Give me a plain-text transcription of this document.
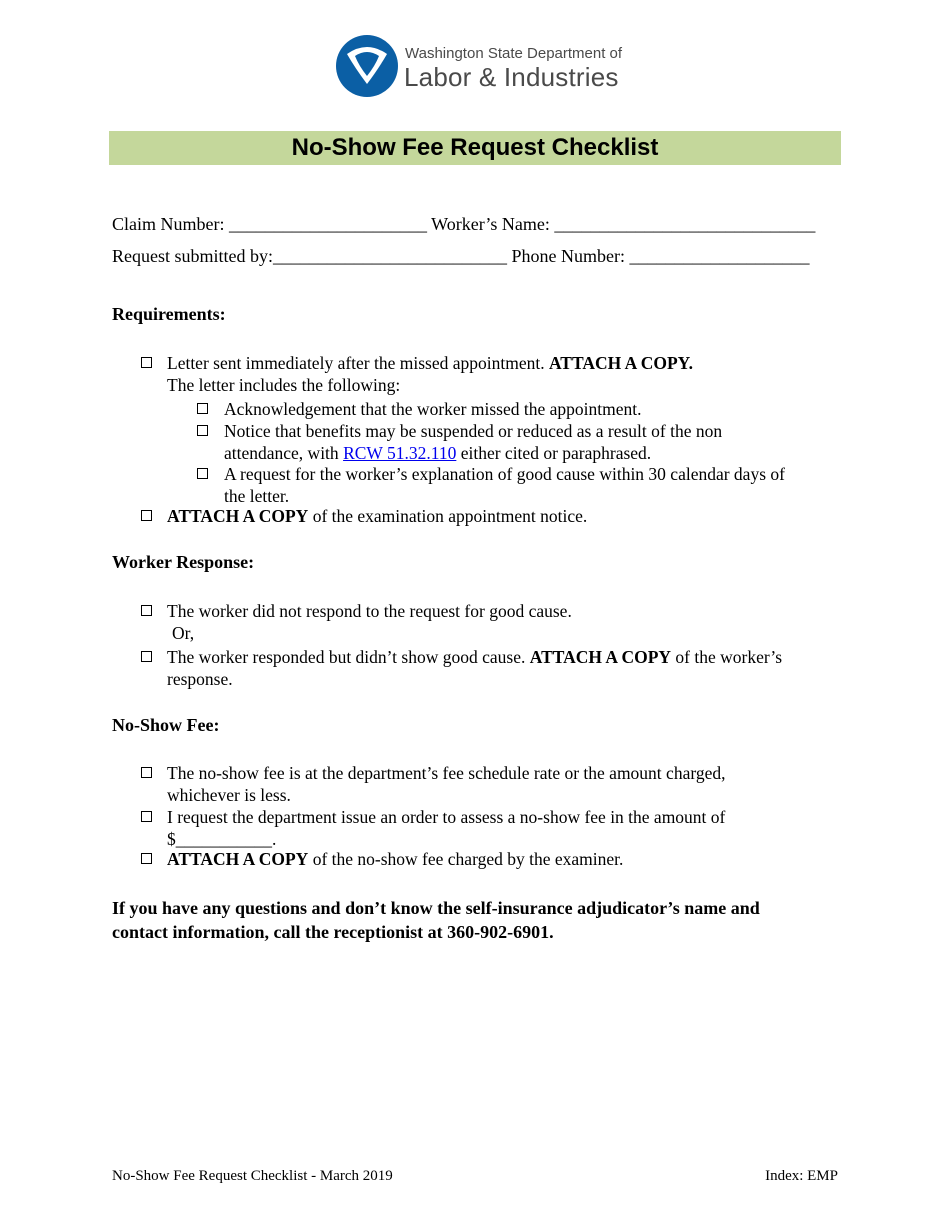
Washington State Department of
Labor & Industries
No-Show Fee Request Checklist
Claim Number: ______________________ Worker’s Name: _____________________________
Request submitted by:__________________________ Phone Number: ____________________
Requirements:
Letter sent immediately after the missed appointment. ATTACH A COPY.
The letter includes the following:
Acknowledgement that the worker missed the appointment.
Notice that benefits may be suspended or reduced as a result of the non
attendance, with RCW 51.32.110 either cited or paraphrased.
A request for the worker’s explanation of good cause within 30 calendar days of
the letter.
ATTACH A COPY of the examination appointment notice.
Worker Response:
The worker did not respond to the request for good cause.
Or,
The worker responded but didn’t show good cause. ATTACH A COPY of the worker’s
response.
No-Show Fee:
The no-show fee is at the department’s fee schedule rate or the amount charged,
whichever is less.
I request the department issue an order to assess a no-show fee in the amount of
$___________.
ATTACH A COPY of the no-show fee charged by the examiner.
If you have any questions and don’t know the self-insurance adjudicator’s name and
contact information, call the receptionist at 360-902-6901.
No-Show Fee Request Checklist - March 2019	Index: EMP
